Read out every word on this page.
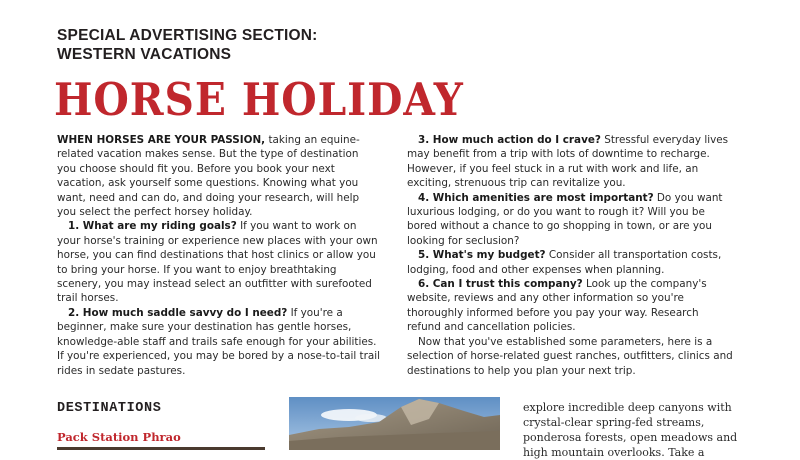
SPECIAL ADVERTISING SECTION:
WESTERN VACATIONS
HORSE HOLIDAY

WHEN HORSES ARE YOUR PASSION, taking an equine-related vacation makes sense. But the type of destination you choose should fit you. Before you book your next vacation, ask yourself some questions. Knowing what you want, need and can do, and doing your research, will help you select the perfect horsey holiday.

1. What are my riding goals? If you want to work on your horse's training or experience new places with your own horse, you can find destinations that host clinics or allow you to bring your horse. If you want to enjoy breathtaking scenery, you may instead select an outfitter with surefooted trail horses.

2. How much saddle savvy do I need? If you're a beginner, make sure your destination has gentle horses, knowledge-able staff and trails safe enough for your abilities. If you're experienced, you may be bored by a nose-to-tail trail rides in sedate pastures.

3. How much action do I crave? Stressful everyday lives may benefit from a trip with lots of downtime to recharge. However, if you feel stuck in a rut with work and life, an exciting, strenuous trip can revitalize you.

4. Which amenities are most important? Do you want luxurious lodging, or do you want to rough it? Will you be bored without a chance to go shopping in town, or are you looking for seclusion?

5. What's my budget? Consider all transportation costs, lodging, food and other expenses when planning.

6. Can I trust this company? Look up the company's website, reviews and any other information so you're thoroughly informed before you pay your way. Research refund and cancellation policies.

Now that you've established some parameters, here is a selection of horse-related guest ranches, outfitters, clinics and destinations to help you plan your next trip.

DESTINATIONS
Pack Station Phrao
explore incredible deep canyons with crystal-clear spring-fed streams, ponderosa forests, open meadows and high mountain overlooks. Take a
